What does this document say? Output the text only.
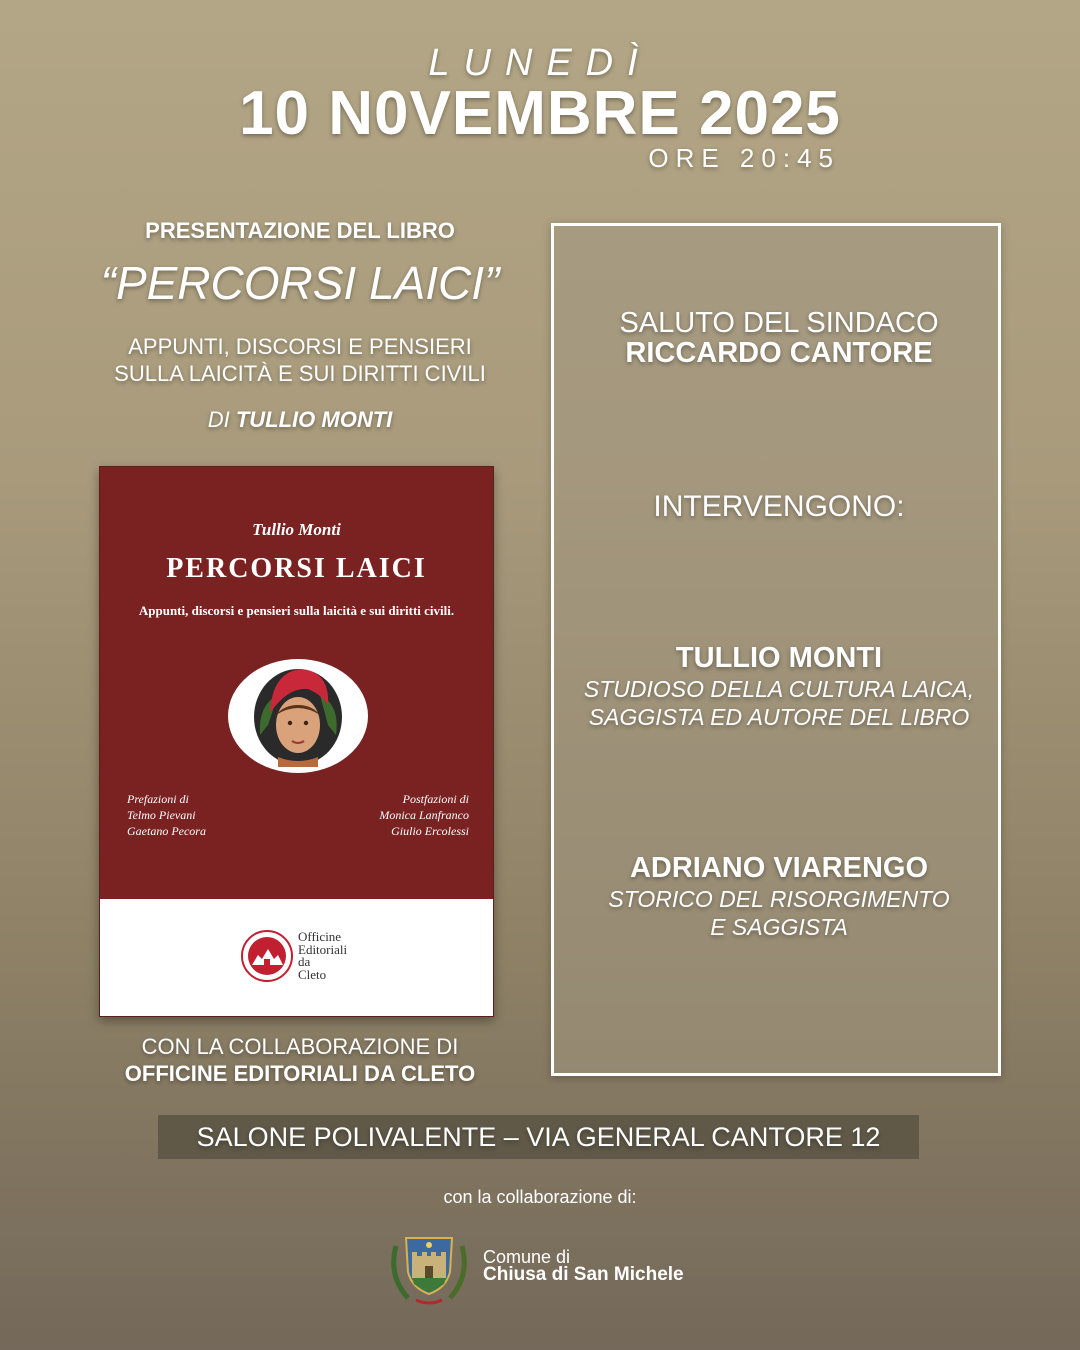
LUNEDÌ
10 N0VEMBRE 2025
ORE 20:45
PRESENTAZIONE DEL LIBRO
“PERCORSI LAICI”
APPUNTI, DISCORSI E PENSIERI
SULLA LAICITÀ E SUI DIRITTI CIVILI
DI TULLIO MONTI
Tullio Monti
PERCORSI LAICI
Appunti, discorsi e pensieri sulla laicità e sui diritti civili.
Prefazioni di
Telmo Pievani
Gaetano Pecora
Postfazioni di
Monica Lanfranco
Giulio Ercolessi
Officine
Editoriali
da
Cleto
CON LA COLLABORAZIONE DI
OFFICINE EDITORIALI DA CLETO
SALUTO DEL SINDACO
RICCARDO CANTORE
INTERVENGONO:
TULLIO MONTI
STUDIOSO DELLA CULTURA LAICA,
SAGGISTA ED AUTORE DEL LIBRO
ADRIANO VIARENGO
STORICO DEL RISORGIMENTO
E SAGGISTA
SALONE POLIVALENTE – VIA GENERAL CANTORE 12
con la collaborazione di:
Comune di
Chiusa di San Michele
